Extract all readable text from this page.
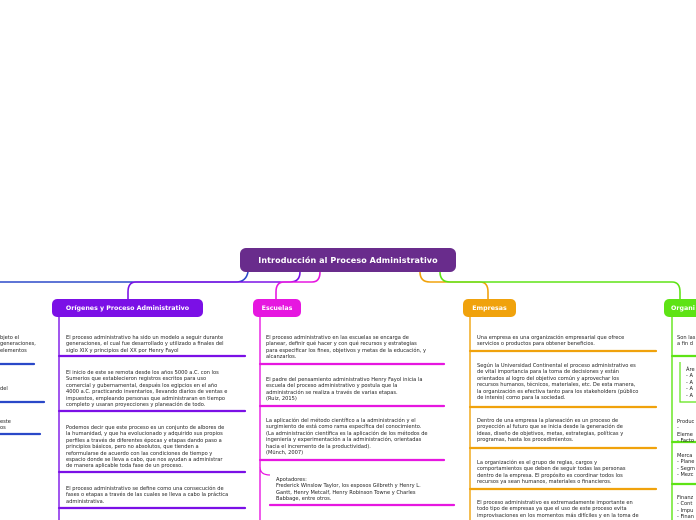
Introducción al Proceso Administrativo
bjeto el
generaciones,
elementos
del
este
os
Orígenes y Proceso Administrativo
El proceso administrativo ha sido un modelo a seguir durante
generaciones, el cual fue desarrollado y utilizado a finales del
siglo XIX y principios del XX por Henry Fayol
El inicio de este se remota desde los años 5000 a.C. con los
Sumerios que establecieron registros escritos para uso
comercial y gubernamental, después los egipcios en el año
4000 a.C. practicando inventarios, llevando diarios de ventas e
impuestos, empleando personas que administraran en tiempo
completo y usaran proyecciones y planeación de todo.
Podemos decir que este proceso es un conjunto de albores de
la humanidad, y que ha evolucionado y adquirido sus propios
perfiles a través de diferentes épocas y etapas dando paso a
principios básicos, pero no absolutos, que tienden a
reformularse de acuerdo con las condiciones de tiempo y
espacio donde se lleva a cabo, que nos ayudan a administrar
de manera aplicable toda fase de un proceso.
El proceso administrativo se define como una consecución de
fases o etapas a través de las cuales se lleva a cabo la práctica
administrativa.
Escuelas
El proceso administrativo en las escuelas se encarga de
planear, definir qué hacer y con qué recursos y estrategias
para especificar los fines, objetivos y metas de la educación, y
alcanzarlos.
El padre del pensamiento administrativo Henry Fayol inicia la
escuela del proceso administrativo y postula que la
administración se realiza a través de varias etapas.
(Ruiz, 2015)
La aplicación del método científico a la administración y el
surgimiento de está como rama específica del conocimiento.
(La administración científica es la aplicación de los métodos de
ingeniería y experimentación a la administración, orientadas
hacia el incremento de la productividad).
(Münch, 2007)
Apotadores:
Frederick Winslow Taylor, los esposos Gilbreth y Henry L.
Gantt, Henry Metcalf, Henry Robinson Towne y Charles
Babbage, entre otros.
Empresas
Una empresa es una organización empresarial que ofrece
servicios o productos para obtener beneficios.
Según la Universidad Continental el proceso administrativo es
de vital importancia para la toma de decisiones y están
orientados al logro del objetivo común y aprovechar los
recursos humanos, técnicos, materiales, etc. De esta manera,
la organización es efectiva tanto para los stakeholders (público
de interés) como para la sociedad.
Dentro de una empresa la planeación es un proceso de
proyección al futuro que se inicia desde la generación de
ideas, diseño de objetivos, metas, estrategias, políticas y
programas, hasta los procedimientos.
La organización es el grupo de reglas, cargos y
comportamientos que deben de seguir todas las personas
dentro de la empresa. El propósito es coordinar todos los
recursos ya sean humanos, materiales o financieros.
El proceso administrativo es extremadamente importante en
todo tipo de empresas ya que el uso de este proceso evita
improvisaciones en los momentos más difíciles y en la toma de
Organi
Son las
a fin d
Áre
- A
- A
- A
- A
Produc
- Eleme
- Facto
Merca
- Plane
- Segm
- Mezc
Finanz
- Cont
- Impu
- Finan
